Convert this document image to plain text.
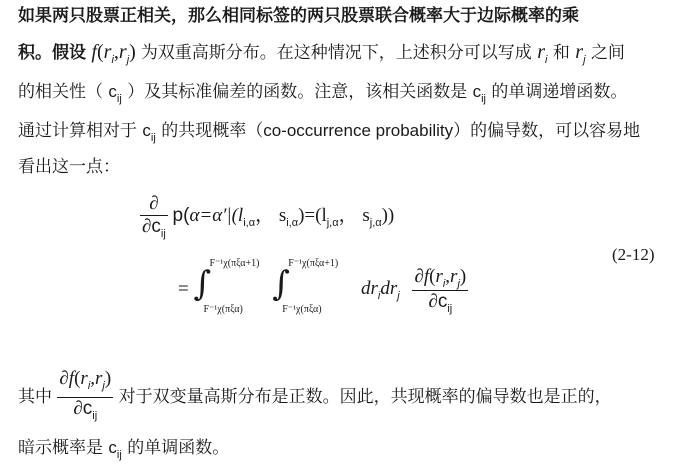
如果两只股票正相关，那么相同标签的两只股票联合概率大于边际概率的乘
积。假设 $f(r_i,r_j)$ 为双重高斯分布。在这种情况下，上述积分可以写成 $r_i$ 和 $r_j$ 之间
的相关性（ $c_{ij}$ ）及其标准偏差的函数。注意，该相关函数是 $c_{ij}$ 的单调递增函数。
通过计算相对于 $c_{ij}$ 的共现概率（co-occurrence probability）的偏导数，可以容易地
看出这一点：
$\frac{\partial}{\partial c_{ij}} p(\alpha=\alpha'|(l_{i,\alpha}$， $s_{i,\alpha})=(l_{j,\alpha}$， $s_{j,\alpha}$))
= ∫
F⁻¹χ(πξα+1)
F⁻¹χ(πξα)

∫
F⁻¹χ(πξα+1)
F⁻¹χ(πξα)
$dr_idr_j \frac{\partial f(r_i,r_j)}{\partial c_{ij}}$
(2-12)
其中 $\frac{\partial f(r_i,r_j)}{\partial c_{ij}}$ 对于双变量高斯分布是正数。因此，共现概率的偏导数也是正的，
暗示概率是 $c_{ij}$ 的单调函数。
